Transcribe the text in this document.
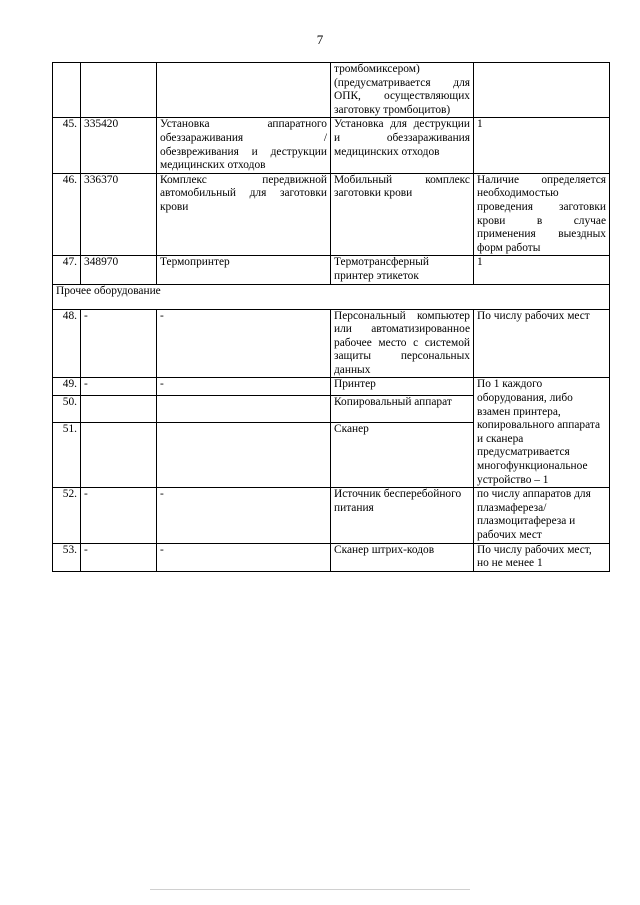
7

			тромбомиксером)
(предусматривается для ОПК, осуществляющих заготовку тромбоцитов)	

45.	335420	Установка аппаратного обеззараживания / обезвреживания и деструкции медицинских отходов	Установка для деструкции и обеззараживания медицинских отходов	1
46.	336370	Комплекс передвижной автомобильный для заготовки крови	Мобильный комплекс заготовки крови	Наличие определяется необходимостью проведения заготовки крови в случае применения выездных форм работы
47.	348970	Термопринтер	Термотрансферный принтер этикеток	1
Прочее оборудование				
48.	-	-	Персональный компьютер или автоматизированное рабочее место с системой защиты персональных данных	По числу рабочих мест
49.	-	-	Принтер	По 1 каждого оборудования, либо взамен принтера, копировального аппарата и сканера предусматривается многофункциональное устройство – 1
50.			Копировальный аппарат	
51.			Сканер	
52.	-	-	Источник бесперебойного питания	по числу аппаратов для плазмафереза/плазмоцитафереза и рабочих мест
53.	-	-	Сканер штрих-кодов	По числу рабочих мест, но не менее 1
